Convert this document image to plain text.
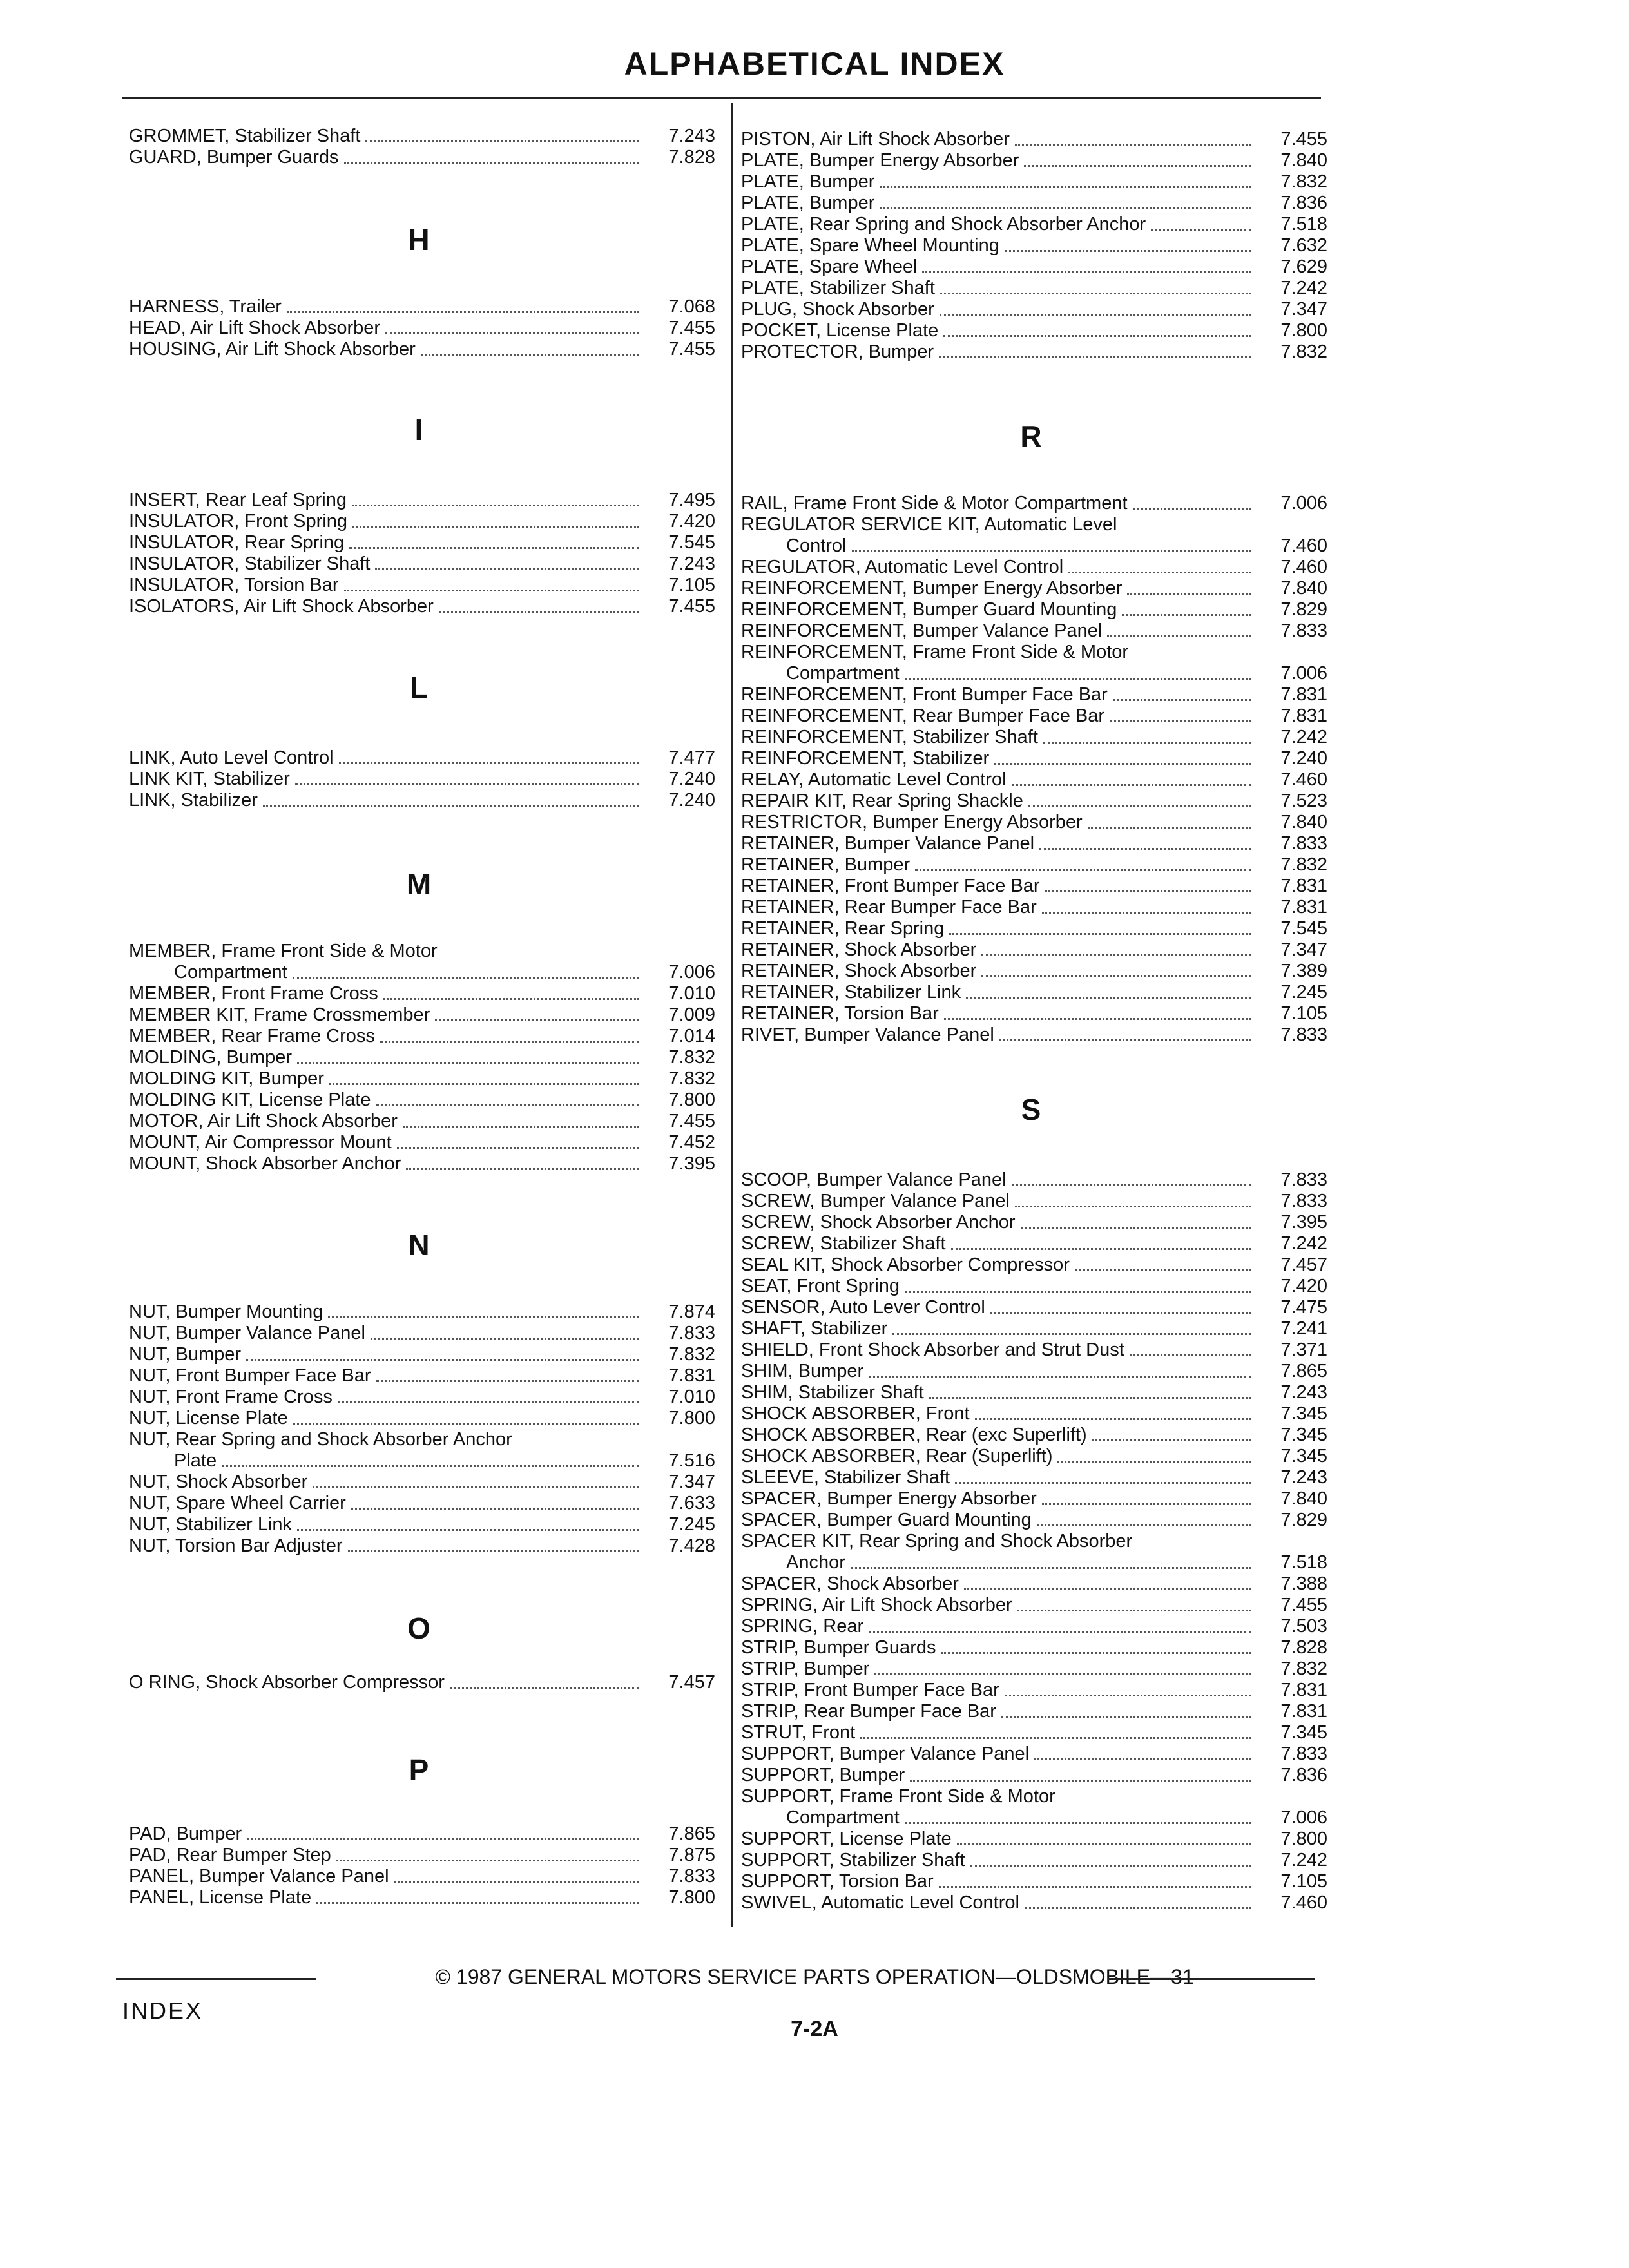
ALPHABETICAL INDEX
GROMMET, Stabilizer Shaft	7.243
GUARD, Bumper Guards	7.828
H
HARNESS, Trailer	7.068
HEAD, Air Lift Shock Absorber	7.455
HOUSING, Air Lift Shock Absorber	7.455
I
INSERT, Rear Leaf Spring	7.495
INSULATOR, Front Spring	7.420
INSULATOR, Rear Spring	7.545
INSULATOR, Stabilizer Shaft	7.243
INSULATOR, Torsion Bar	7.105
ISOLATORS, Air Lift Shock Absorber	7.455
L
LINK, Auto Level Control	7.477
LINK KIT, Stabilizer	7.240
LINK, Stabilizer	7.240
M
MEMBER, Frame Front Side & Motor
Compartment	7.006
MEMBER, Front Frame Cross	7.010
MEMBER KIT, Frame Crossmember	7.009
MEMBER, Rear Frame Cross	7.014
MOLDING, Bumper	7.832
MOLDING KIT, Bumper	7.832
MOLDING KIT, License Plate	7.800
MOTOR, Air Lift Shock Absorber	7.455
MOUNT, Air Compressor Mount	7.452
MOUNT, Shock Absorber Anchor	7.395
N
NUT, Bumper Mounting	7.874
NUT, Bumper Valance Panel	7.833
NUT, Bumper	7.832
NUT, Front Bumper Face Bar	7.831
NUT, Front Frame Cross	7.010
NUT, License Plate	7.800
NUT, Rear Spring and Shock Absorber Anchor
Plate	7.516
NUT, Shock Absorber	7.347
NUT, Spare Wheel Carrier	7.633
NUT, Stabilizer Link	7.245
NUT, Torsion Bar Adjuster	7.428
O
O RING, Shock Absorber Compressor	7.457
P
PAD, Bumper	7.865
PAD, Rear Bumper Step	7.875
PANEL, Bumper Valance Panel	7.833
PANEL, License Plate	7.800
PISTON, Air Lift Shock Absorber	7.455
PLATE, Bumper Energy Absorber	7.840
PLATE, Bumper	7.832
PLATE, Bumper	7.836
PLATE, Rear Spring and Shock Absorber Anchor	7.518
PLATE, Spare Wheel Mounting	7.632
PLATE, Spare Wheel	7.629
PLATE, Stabilizer Shaft	7.242
PLUG, Shock Absorber	7.347
POCKET, License Plate	7.800
PROTECTOR, Bumper	7.832
R
RAIL, Frame Front Side & Motor Compartment	7.006
REGULATOR SERVICE KIT, Automatic Level
Control	7.460
REGULATOR, Automatic Level Control	7.460
REINFORCEMENT, Bumper Energy Absorber	7.840
REINFORCEMENT, Bumper Guard Mounting	7.829
REINFORCEMENT, Bumper Valance Panel	7.833
REINFORCEMENT, Frame Front Side & Motor
Compartment	7.006
REINFORCEMENT, Front Bumper Face Bar	7.831
REINFORCEMENT, Rear Bumper Face Bar	7.831
REINFORCEMENT, Stabilizer Shaft	7.242
REINFORCEMENT, Stabilizer	7.240
RELAY, Automatic Level Control	7.460
REPAIR KIT, Rear Spring Shackle	7.523
RESTRICTOR, Bumper Energy Absorber	7.840
RETAINER, Bumper Valance Panel	7.833
RETAINER, Bumper	7.832
RETAINER, Front Bumper Face Bar	7.831
RETAINER, Rear Bumper Face Bar	7.831
RETAINER, Rear Spring	7.545
RETAINER, Shock Absorber	7.347
RETAINER, Shock Absorber	7.389
RETAINER, Stabilizer Link	7.245
RETAINER, Torsion Bar	7.105
RIVET, Bumper Valance Panel	7.833
S
SCOOP, Bumper Valance Panel	7.833
SCREW, Bumper Valance Panel	7.833
SCREW, Shock Absorber Anchor	7.395
SCREW, Stabilizer Shaft	7.242
SEAL KIT, Shock Absorber Compressor	7.457
SEAT, Front Spring	7.420
SENSOR, Auto Lever Control	7.475
SHAFT, Stabilizer	7.241
SHIELD, Front Shock Absorber and Strut Dust	7.371
SHIM, Bumper	7.865
SHIM, Stabilizer Shaft	7.243
SHOCK ABSORBER, Front	7.345
SHOCK ABSORBER, Rear (exc Superlift)	7.345
SHOCK ABSORBER, Rear (Superlift)	7.345
SLEEVE, Stabilizer Shaft	7.243
SPACER, Bumper Energy Absorber	7.840
SPACER, Bumper Guard Mounting	7.829
SPACER KIT, Rear Spring and Shock Absorber
Anchor	7.518
SPACER, Shock Absorber	7.388
SPRING, Air Lift Shock Absorber	7.455
SPRING, Rear	7.503
STRIP, Bumper Guards	7.828
STRIP, Bumper	7.832
STRIP, Front Bumper Face Bar	7.831
STRIP, Rear Bumper Face Bar	7.831
STRUT, Front	7.345
SUPPORT, Bumper Valance Panel	7.833
SUPPORT, Bumper	7.836
SUPPORT, Frame Front Side & Motor
Compartment	7.006
SUPPORT, License Plate	7.800
SUPPORT, Stabilizer Shaft	7.242
SUPPORT, Torsion Bar	7.105
SWIVEL, Automatic Level Control	7.460
© 1987 GENERAL MOTORS SERVICE PARTS OPERATION—OLDSMOBILE—31
INDEX
7-2A
